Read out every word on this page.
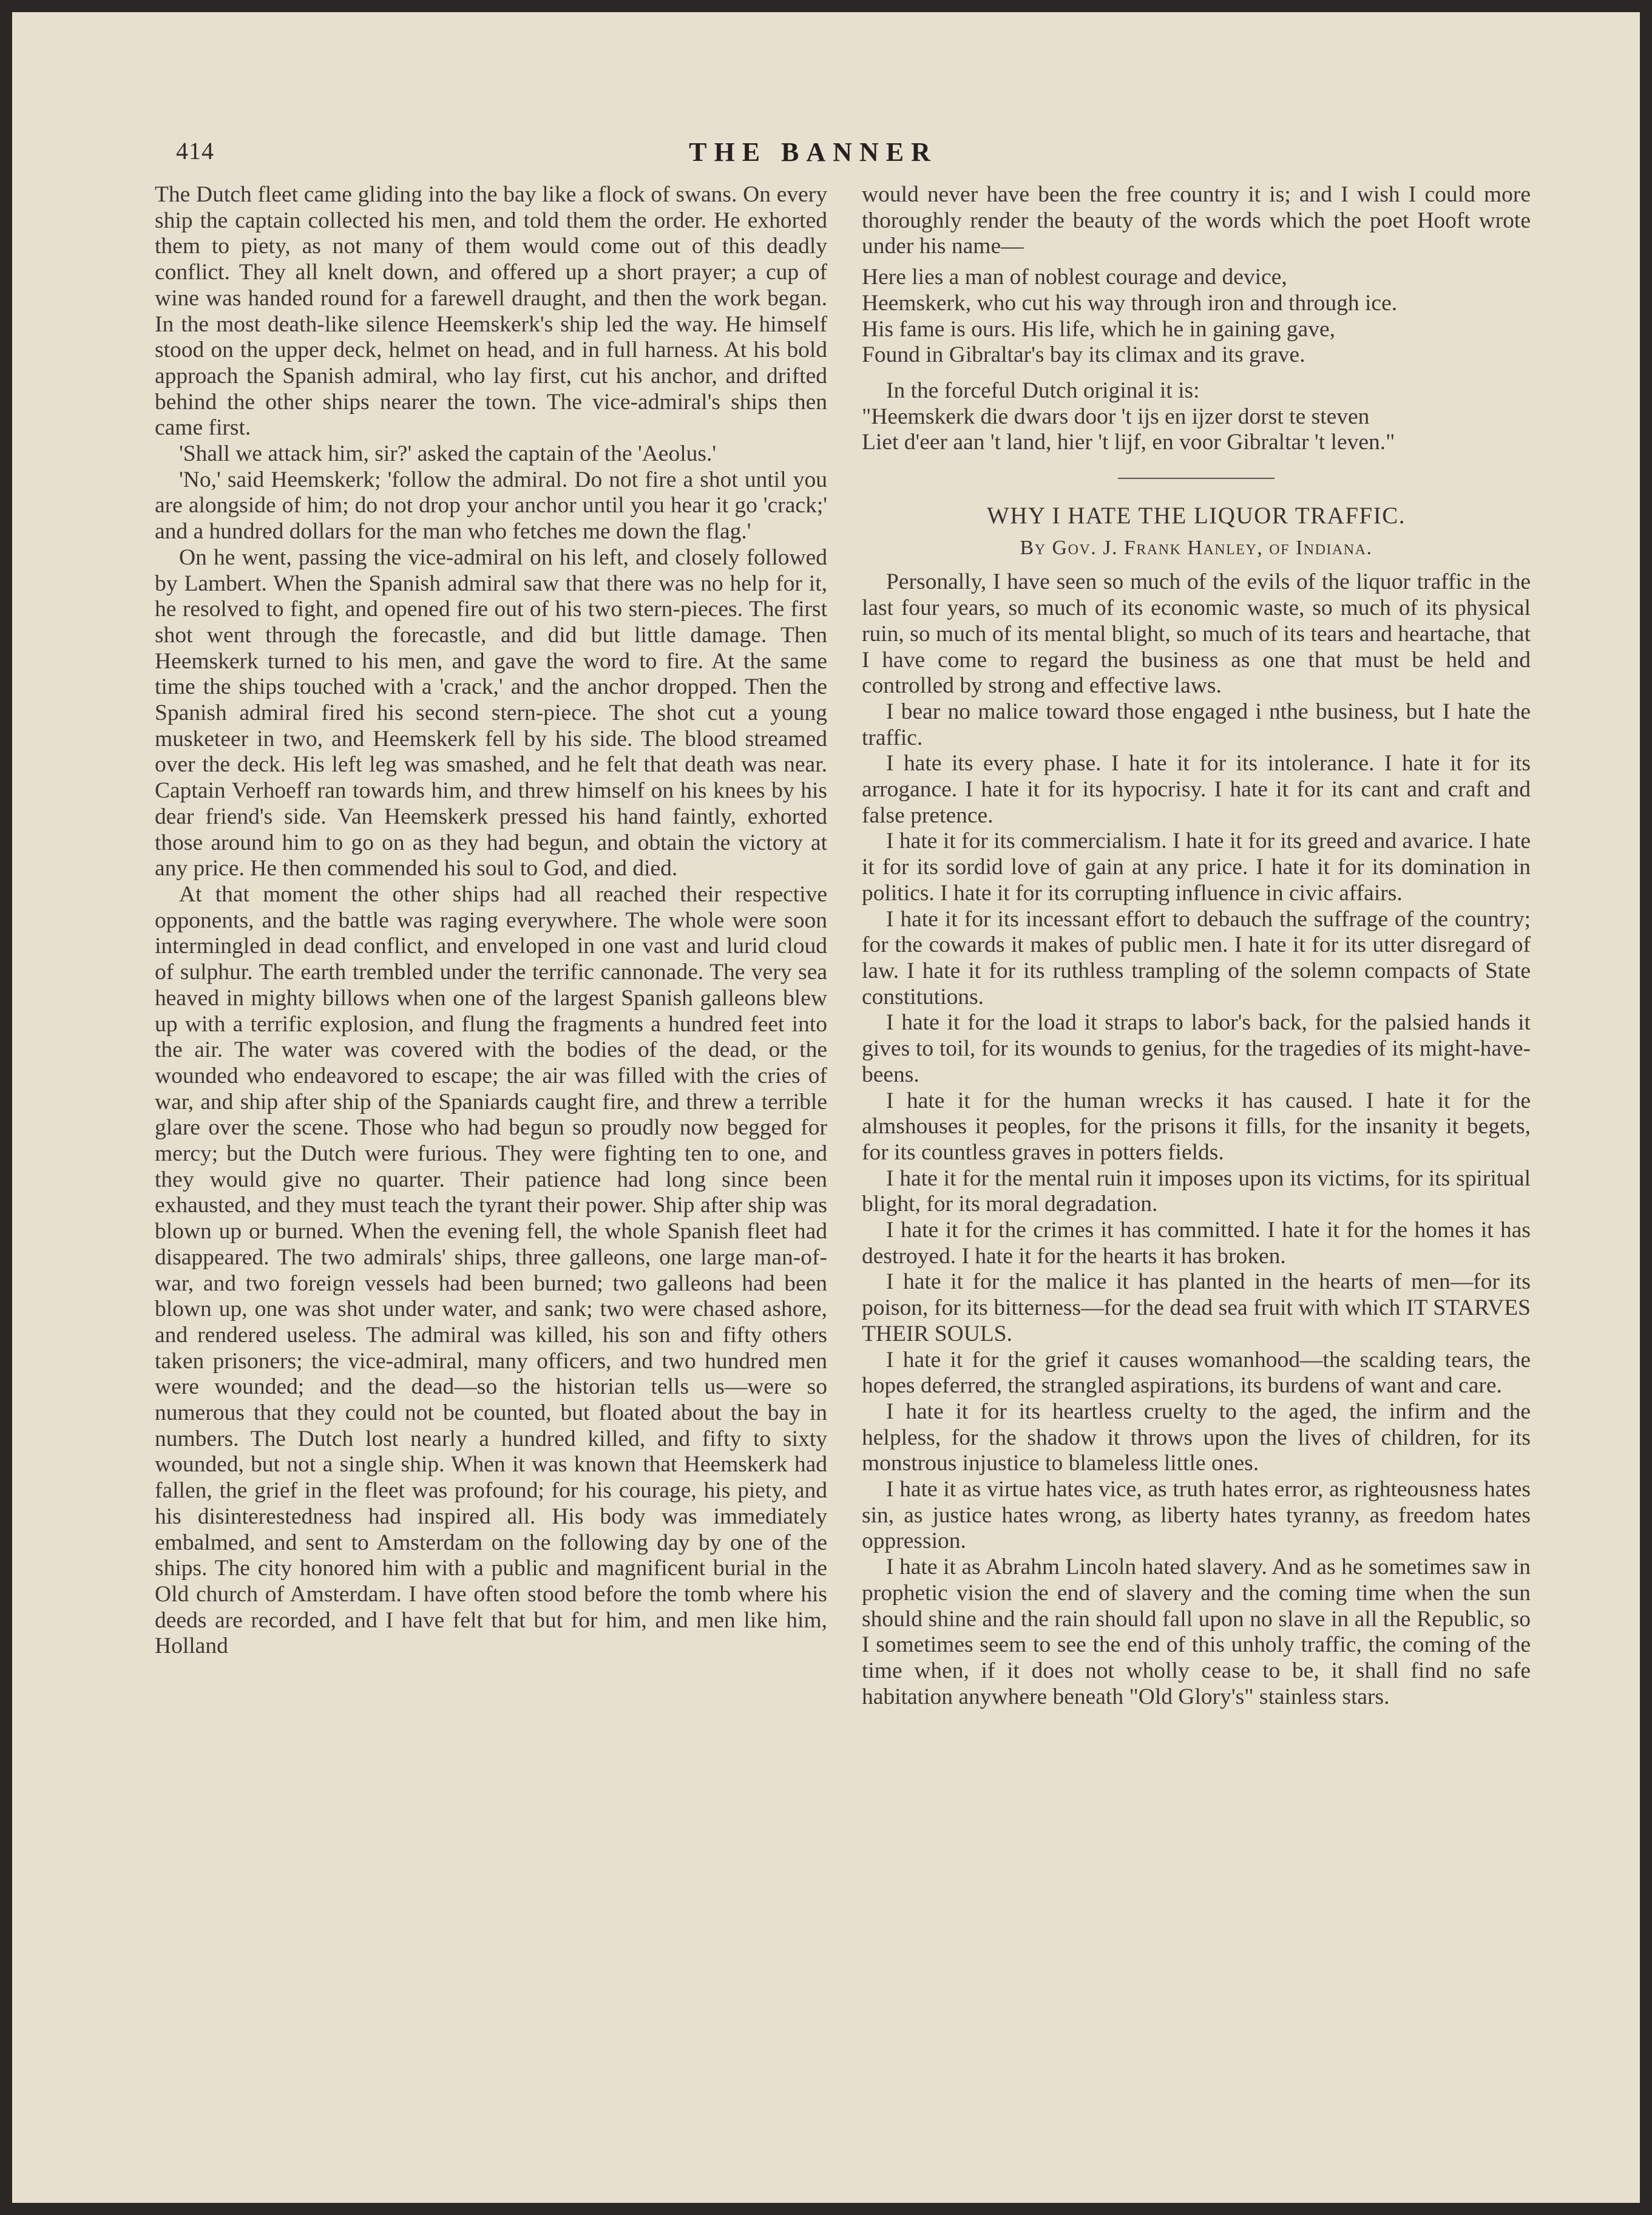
414	THE BANNER

The Dutch fleet came gliding into the bay like a flock of swans. On every ship the captain collected his men, and told them the order. He exhorted them to piety, as not many of them would come out of this deadly conflict. They all knelt down, and offered up a short prayer; a cup of wine was handed round for a farewell draught, and then the work began. In the most death-like silence Heemskerk's ship led the way. He himself stood on the upper deck, helmet on head, and in full harness. At his bold approach the Spanish admiral, who lay first, cut his anchor, and drifted behind the other ships nearer the town. The vice-admiral's ships then came first.

'Shall we attack him, sir?' asked the captain of the 'Aeolus.'

'No,' said Heemskerk; 'follow the admiral. Do not fire a shot until you are alongside of him; do not drop your anchor until you hear it go 'crack;' and a hundred dollars for the man who fetches me down the flag.'

On he went, passing the vice-admiral on his left, and closely followed by Lambert. When the Spanish admiral saw that there was no help for it, he resolved to fight, and opened fire out of his two stern-pieces. The first shot went through the forecastle, and did but little damage. Then Heemskerk turned to his men, and gave the word to fire. At the same time the ships touched with a 'crack,' and the anchor dropped. Then the Spanish admiral fired his second stern-piece. The shot cut a young musketeer in two, and Heemskerk fell by his side. The blood streamed over the deck. His left leg was smashed, and he felt that death was near. Captain Verhoeff ran towards him, and threw himself on his knees by his dear friend's side. Van Heemskerk pressed his hand faintly, exhorted those around him to go on as they had begun, and obtain the victory at any price. He then commended his soul to God, and died.

At that moment the other ships had all reached their respective opponents, and the battle was raging everywhere. The whole were soon intermingled in dead conflict, and enveloped in one vast and lurid cloud of sulphur. The earth trembled under the terrific cannonade. The very sea heaved in mighty billows when one of the largest Spanish galleons blew up with a terrific explosion, and flung the fragments a hundred feet into the air. The water was covered with the bodies of the dead, or the wounded who endeavored to escape; the air was filled with the cries of war, and ship after ship of the Spaniards caught fire, and threw a terrible glare over the scene. Those who had begun so proudly now begged for mercy; but the Dutch were furious. They were fighting ten to one, and they would give no quarter. Their patience had long since been exhausted, and they must teach the tyrant their power. Ship after ship was blown up or burned. When the evening fell, the whole Spanish fleet had disappeared. The two admirals' ships, three galleons, one large man-of-war, and two foreign vessels had been burned; two galleons had been blown up, one was shot under water, and sank; two were chased ashore, and rendered useless. The admiral was killed, his son and fifty others taken prisoners; the vice-admiral, many officers, and two hundred men were wounded; and the dead—so the historian tells us—were so numerous that they could not be counted, but floated about the bay in numbers. The Dutch lost nearly a hundred killed, and fifty to sixty wounded, but not a single ship. When it was known that Heemskerk had fallen, the grief in the fleet was profound; for his courage, his piety, and his disinterestedness had inspired all. His body was immediately embalmed, and sent to Amsterdam on the following day by one of the ships. The city honored him with a public and magnificent burial in the Old church of Amsterdam. I have often stood before the tomb where his deeds are recorded, and I have felt that but for him, and men like him, Holland

would never have been the free country it is; and I wish I could more thoroughly render the beauty of the words which the poet Hooft wrote under his name—

Here lies a man of noblest courage and device,

Heemskerk, who cut his way through iron and through ice.

His fame is ours. His life, which he in gaining gave,

Found in Gibraltar's bay its climax and its grave.

In the forceful Dutch original it is:

"Heemskerk die dwars door 't ijs en ijzer dorst te steven

Liet d'eer aan 't land, hier 't lijf, en voor Gibraltar 't leven."

WHY I HATE THE LIQUOR TRAFFIC.
By Gov. J. Frank Hanley, of Indiana.

Personally, I have seen so much of the evils of the liquor traffic in the last four years, so much of its economic waste, so much of its physical ruin, so much of its mental blight, so much of its tears and heartache, that I have come to regard the business as one that must be held and controlled by strong and effective laws.

I bear no malice toward those engaged i nthe business, but I hate the traffic.

I hate its every phase. I hate it for its intolerance. I hate it for its arrogance. I hate it for its hypocrisy. I hate it for its cant and craft and false pretence.

I hate it for its commercialism. I hate it for its greed and avarice. I hate it for its sordid love of gain at any price. I hate it for its domination in politics. I hate it for its corrupting influence in civic affairs.

I hate it for its incessant effort to debauch the suffrage of the country; for the cowards it makes of public men. I hate it for its utter disregard of law. I hate it for its ruthless trampling of the solemn compacts of State constitutions.

I hate it for the load it straps to labor's back, for the palsied hands it gives to toil, for its wounds to genius, for the tragedies of its might-have-beens.

I hate it for the human wrecks it has caused. I hate it for the almshouses it peoples, for the prisons it fills, for the insanity it begets, for its countless graves in potters fields.

I hate it for the mental ruin it imposes upon its victims, for its spiritual blight, for its moral degradation.

I hate it for the crimes it has committed. I hate it for the homes it has destroyed. I hate it for the hearts it has broken.

I hate it for the malice it has planted in the hearts of men—for its poison, for its bitterness—for the dead sea fruit with which IT STARVES THEIR SOULS.

I hate it for the grief it causes womanhood—the scalding tears, the hopes deferred, the strangled aspirations, its burdens of want and care.

I hate it for its heartless cruelty to the aged, the infirm and the helpless, for the shadow it throws upon the lives of children, for its monstrous injustice to blameless little ones.

I hate it as virtue hates vice, as truth hates error, as righteousness hates sin, as justice hates wrong, as liberty hates tyranny, as freedom hates oppression.

I hate it as Abrahm Lincoln hated slavery. And as he sometimes saw in prophetic vision the end of slavery and the coming time when the sun should shine and the rain should fall upon no slave in all the Republic, so I sometimes seem to see the end of this unholy traffic, the coming of the time when, if it does not wholly cease to be, it shall find no safe habitation anywhere beneath "Old Glory's" stainless stars.
